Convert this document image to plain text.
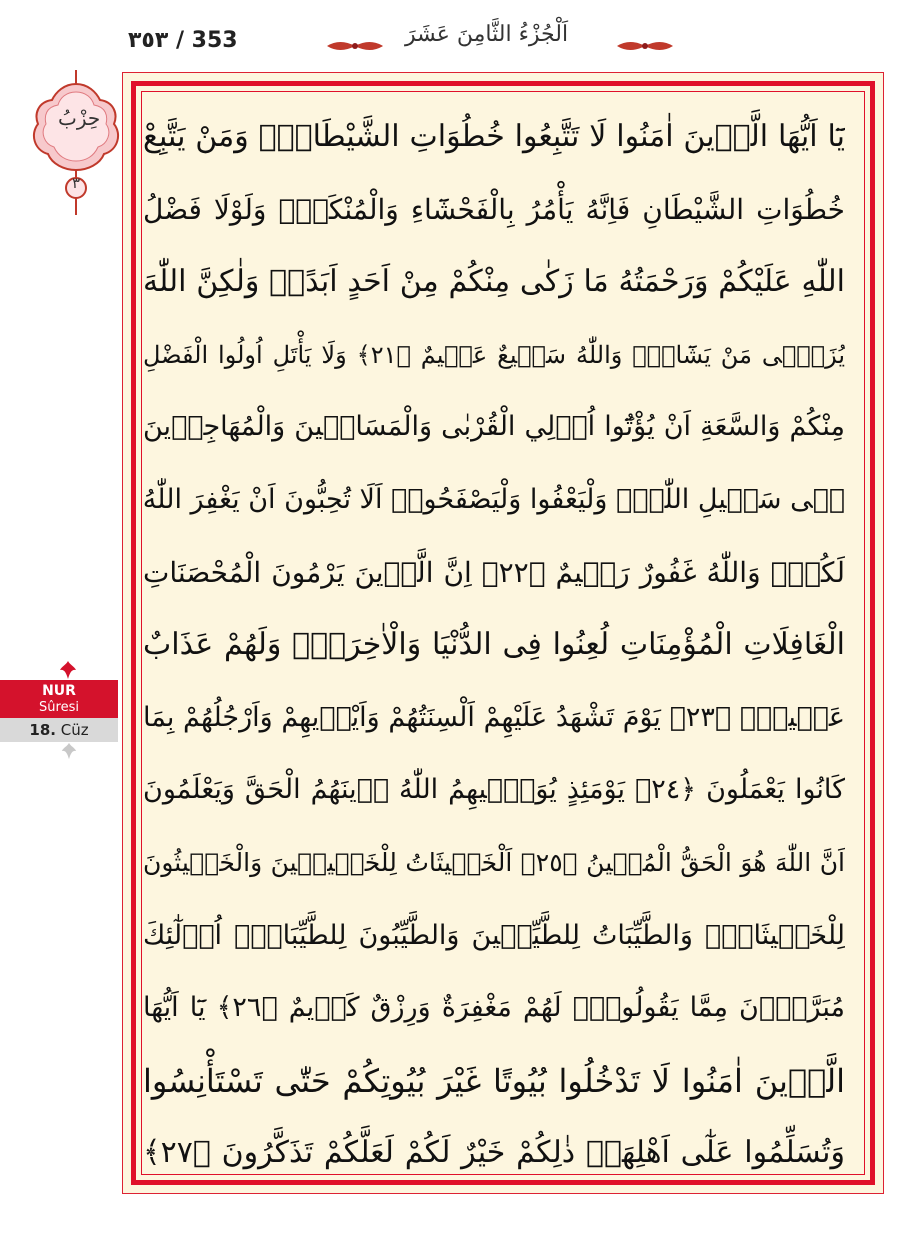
٣٥٣ / 353	اَلْجُزْءُ الثَّامِنَ عَشَرَ
حِزْبُ
٣
NUR
Sûresi
18. Cüz
يَٓا اَيُّهَا الَّذٖينَ اٰمَنُوا لَا تَتَّبِعُوا خُطُوَاتِ الشَّيْطَانِۜ وَمَنْ يَتَّبِعْ
خُطُوَاتِ الشَّيْطَانِ فَاِنَّهُ يَأْمُرُ بِالْفَحْشَٓاءِ وَالْمُنْكَرِۜ وَلَوْلَا فَضْلُ
اللّٰهِ عَلَيْكُمْ وَرَحْمَتُهُ مَا زَكٰى مِنْكُمْ مِنْ اَحَدٍ اَبَدًاۙ وَلٰكِنَّ اللّٰهَ
يُزَكّٖى مَنْ يَشَٓاءُۜ وَاللّٰهُ سَمٖيعٌ عَلٖيمٌ ﴿٢١﴾ وَلَا يَأْتَلِ اُولُوا الْفَضْلِ
مِنْكُمْ وَالسَّعَةِ اَنْ يُؤْتُٓوا اُو۬لِي الْقُرْبٰى وَالْمَسَاكٖينَ وَالْمُهَاجِرٖينَ
فٖى سَبٖيلِ اللّٰهِۖ وَلْيَعْفُوا وَلْيَصْفَحُواۜ اَلَا تُحِبُّونَ اَنْ يَغْفِرَ اللّٰهُ
لَكُمْۜ وَاللّٰهُ غَفُورٌ رَحٖيمٌ ﴿٢٢﴾ اِنَّ الَّذٖينَ يَرْمُونَ الْمُحْصَنَاتِ
الْغَافِلَاتِ الْمُؤْمِنَاتِ لُعِنُوا فِى الدُّنْيَا وَالْاٰخِرَةِۖ وَلَهُمْ عَذَابٌ
عَظٖيمٌۙ ﴿٢٣﴾ يَوْمَ تَشْهَدُ عَلَيْهِمْ اَلْسِنَتُهُمْ وَاَيْدٖيهِمْ وَاَرْجُلُهُمْ بِمَا
كَانُوا يَعْمَلُونَ ﴿٢٤﴾ يَوْمَئِذٍ يُوَفّٖيهِمُ اللّٰهُ دٖينَهُمُ الْحَقَّ وَيَعْلَمُونَ
اَنَّ اللّٰهَ هُوَ الْحَقُّ الْمُبٖينُ ﴿٢٥﴾ اَلْخَبٖيثَاتُ لِلْخَبٖيثٖينَ وَالْخَبٖيثُونَ
لِلْخَبٖيثَاتِۚ وَالطَّيِّبَاتُ لِلطَّيِّبٖينَ وَالطَّيِّبُونَ لِلطَّيِّبَاتِۚ اُو۬لٰٓئِكَ
مُبَرَّؤُ۫نَ مِمَّا يَقُولُونَۜ لَهُمْ مَغْفِرَةٌ وَرِزْقٌ كَرٖيمٌ ﴿٢٦﴾ يَٓا اَيُّهَا
الَّذٖينَ اٰمَنُوا لَا تَدْخُلُوا بُيُوتًا غَيْرَ بُيُوتِكُمْ حَتّٰى تَسْتَأْنِسُوا
وَتُسَلِّمُوا عَلٰٓى اَهْلِهَاۜ ذٰلِكُمْ خَيْرٌ لَكُمْ لَعَلَّكُمْ تَذَكَّرُونَ ﴿٢٧﴾
